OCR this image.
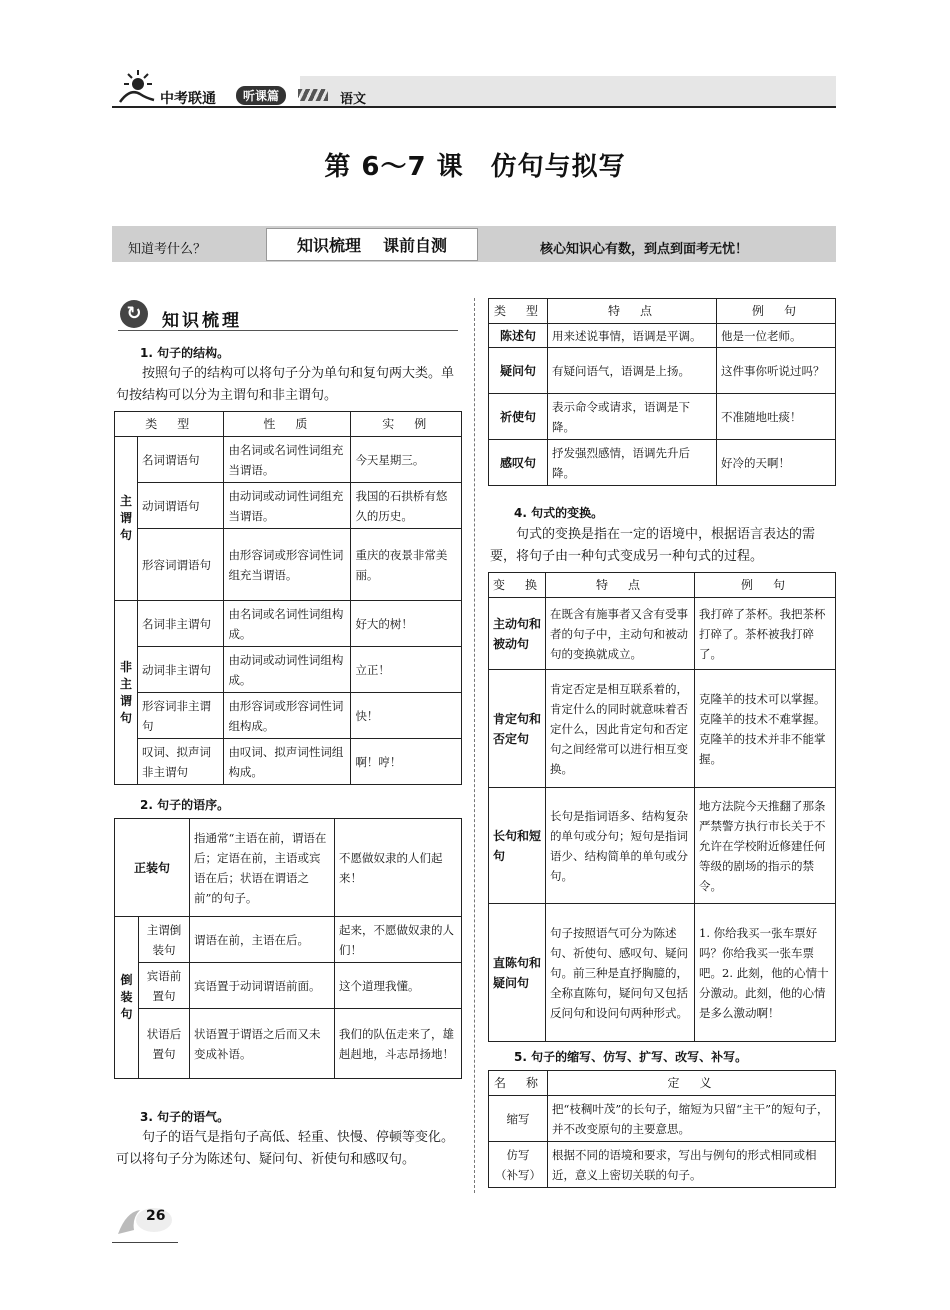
中考联通	听课篇	语文
第 6～7 课　仿句与拟写
知道考什么？	知识梳理 课前自测	核心知识心有数，到点到面考无忧！
↻	知识梳理
1. 句子的结构。
按照句子的结构可以将句子分为单句和复句两大类。单句按结构可以分为主谓句和非主谓句。
类　型		性　质	实　例
主谓句	名词谓语句	由名词或名词性词组充当谓语。	今天星期三。
	动词谓语句	由动词或动词性词组充当谓语。	我国的石拱桥有悠久的历史。
	形容词谓语句	由形容词或形容词性词组充当谓语。	重庆的夜景非常美丽。
非主谓句	名词非主谓句	由名词或名词性词组构成。	好大的树！
	动词非主谓句	由动词或动词性词组构成。	立正！
	形容词非主谓句	由形容词或形容词性词组构成。	快！
	叹词、拟声词非主谓句	由叹词、拟声词性词组构成。	啊！哼！
2. 句子的语序。
正装句		指通常“主语在前，谓语在后；定语在前，主语或宾语在后；状语在谓语之前”的句子。	不愿做奴隶的人们起来！
倒装句	主谓倒装句	谓语在前，主语在后。	起来，不愿做奴隶的人们！
	宾语前置句	宾语置于动词谓语前面。	这个道理我懂。
	状语后置句	状语置于谓语之后而又未变成补语。	我们的队伍走来了，雄赳赳地，斗志昂扬地！
3. 句子的语气。
句子的语气是指句子高低、轻重、快慢、停顿等变化。可以将句子分为陈述句、疑问句、祈使句和感叹句。
类　型	特　点	例　句
陈述句	用来述说事情，语调是平调。	他是一位老师。
疑问句	有疑问语气，语调是上扬。	这件事你听说过吗？
祈使句	表示命令或请求，语调是下降。	不准随地吐痰！
感叹句	抒发强烈感情，语调先升后降。	好冷的天啊！
4. 句式的变换。
句式的变换是指在一定的语境中，根据语言表达的需要，将句子由一种句式变成另一种句式的过程。
变　换	特　点	例　句
主动句和被动句	在既含有施事者又含有受事者的句子中，主动句和被动句的变换就成立。	我打碎了茶杯。我把茶杯打碎了。茶杯被我打碎了。
肯定句和否定句	肯定否定是相互联系着的，肯定什么的同时就意味着否定什么，因此肯定句和否定句之间经常可以进行相互变换。	克隆羊的技术可以掌握。克隆羊的技术不难掌握。克隆羊的技术并非不能掌握。
长句和短句	长句是指词语多、结构复杂的单句或分句；短句是指词语少、结构简单的单句或分句。	地方法院今天推翻了那条严禁警方执行市长关于不允许在学校附近修建任何等级的剧场的指示的禁令。
直陈句和疑问句	句子按照语气可分为陈述句、祈使句、感叹句、疑问句。前三种是直抒胸臆的，全称直陈句，疑问句又包括反问句和设问句两种形式。	1. 你给我买一张车票好吗？你给我买一张车票吧。2. 此刻，他的心情十分激动。此刻，他的心情是多么激动啊！
5. 句子的缩写、仿写、扩写、改写、补写。
名　称	定　义

缩写	把“枝稠叶茂”的长句子，缩短为只留“主干”的短句子，并不改变原句的主要意思。

仿写
（补写）	根据不同的语境和要求，写出与例句的形式相同或相近，意义上密切关联的句子。
26
